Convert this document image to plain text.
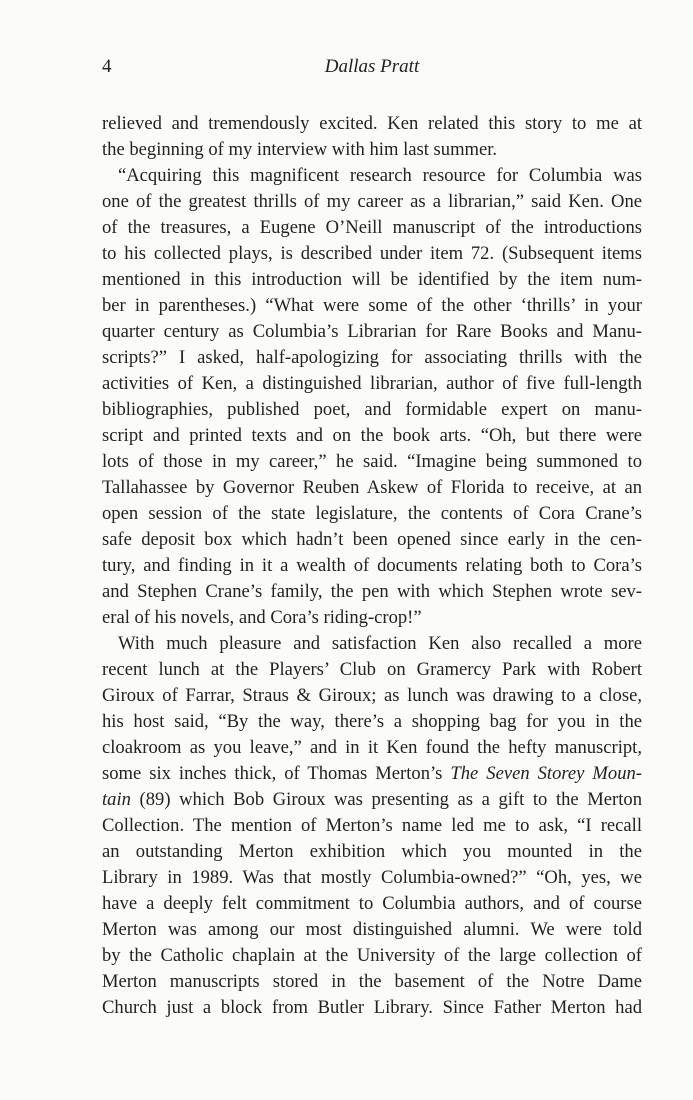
4	Dallas Pratt
relieved and tremendously excited. Ken related this story to me at
the beginning of my interview with him last summer.
“Acquiring this magnificent research resource for Columbia was
one of the greatest thrills of my career as a librarian,” said Ken. One
of the treasures, a Eugene O’Neill manuscript of the introductions
to his collected plays, is described under item 72. (Subsequent items
mentioned in this introduction will be identified by the item num-
ber in parentheses.) “What were some of the other ‘thrills’ in your
quarter century as Columbia’s Librarian for Rare Books and Manu-
scripts?” I asked, half-apologizing for associating thrills with the
activities of Ken, a distinguished librarian, author of five full-length
bibliographies, published poet, and formidable expert on manu-
script and printed texts and on the book arts. “Oh, but there were
lots of those in my career,” he said. “Imagine being summoned to
Tallahassee by Governor Reuben Askew of Florida to receive, at an
open session of the state legislature, the contents of Cora Crane’s
safe deposit box which hadn’t been opened since early in the cen-
tury, and finding in it a wealth of documents relating both to Cora’s
and Stephen Crane’s family, the pen with which Stephen wrote sev-
eral of his novels, and Cora’s riding-crop!”
With much pleasure and satisfaction Ken also recalled a more
recent lunch at the Players’ Club on Gramercy Park with Robert
Giroux of Farrar, Straus & Giroux; as lunch was drawing to a close,
his host said, “By the way, there’s a shopping bag for you in the
cloakroom as you leave,” and in it Ken found the hefty manuscript,
some six inches thick, of Thomas Merton’s The Seven Storey Moun-
tain (89) which Bob Giroux was presenting as a gift to the Merton
Collection. The mention of Merton’s name led me to ask, “I recall
an outstanding Merton exhibition which you mounted in the
Library in 1989. Was that mostly Columbia-owned?” “Oh, yes, we
have a deeply felt commitment to Columbia authors, and of course
Merton was among our most distinguished alumni. We were told
by the Catholic chaplain at the University of the large collection of
Merton manuscripts stored in the basement of the Notre Dame
Church just a block from Butler Library. Since Father Merton had
